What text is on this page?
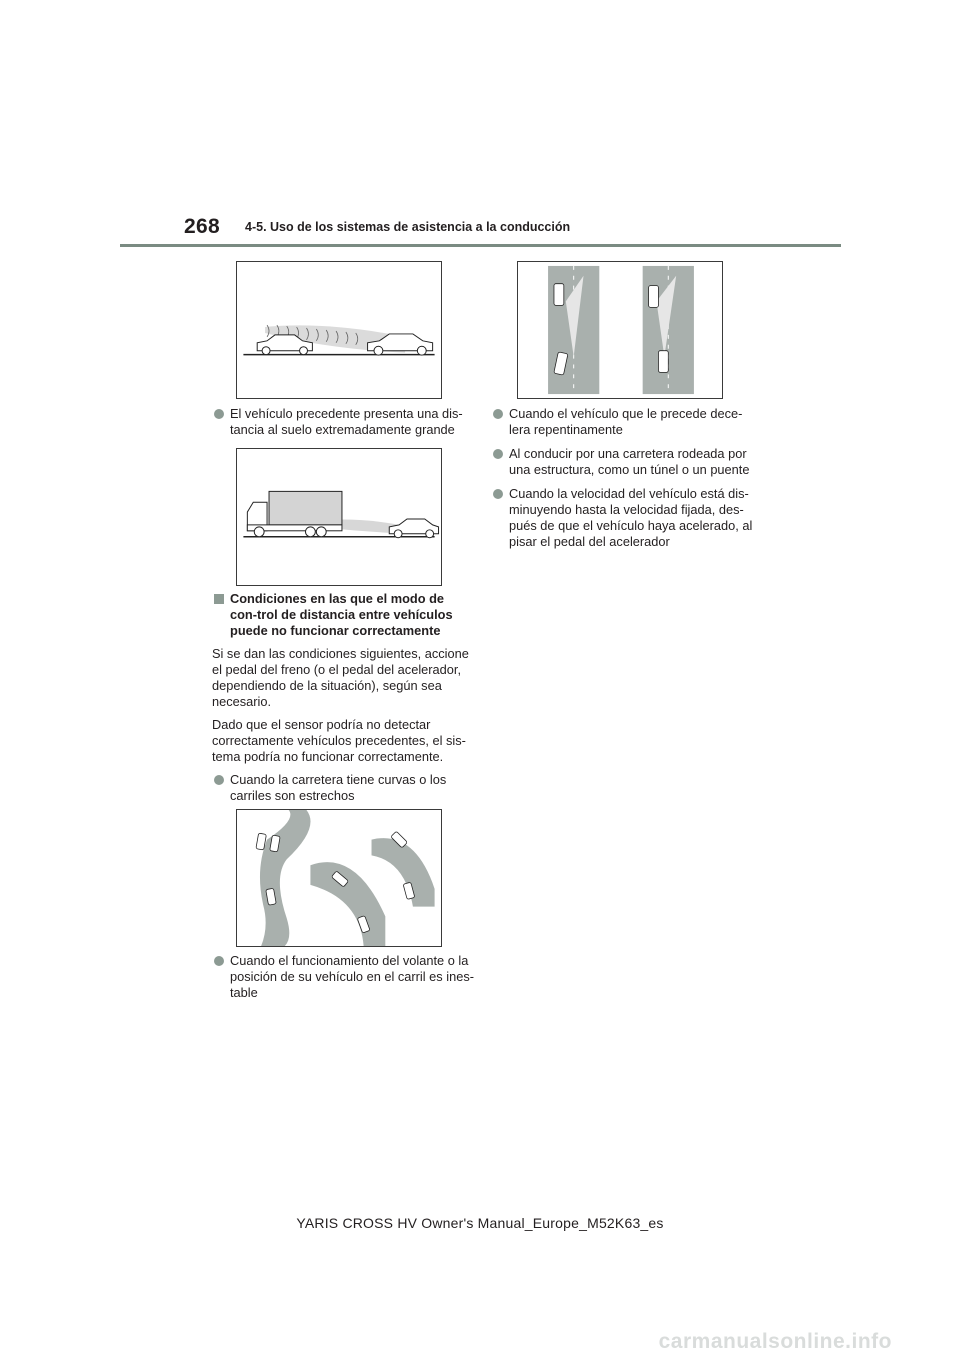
268 4-5. Uso de los sistemas de asistencia a la conducción
El vehículo precedente presenta una dis-tancia al suelo extremadamente grande
Condiciones en las que el modo de con-trol de distancia entre vehículos puede no funcionar correctamente
Si se dan las condiciones siguientes, accione el pedal del freno (o el pedal del acelerador, dependiendo de la situación), según sea necesario.
Dado que el sensor podría no detectar correctamente vehículos precedentes, el sis-tema podría no funcionar correctamente.
Cuando la carretera tiene curvas o los carriles son estrechos
Cuando el funcionamiento del volante o la posición de su vehículo en el carril es ines-table
Cuando el vehículo que le precede dece-lera repentinamente
Al conducir por una carretera rodeada por una estructura, como un túnel o un puente
Cuando la velocidad del vehículo está dis-minuyendo hasta la velocidad fijada, des-pués de que el vehículo haya acelerado, al pisar el pedal del acelerador
YARIS CROSS HV Owner's Manual_Europe_M52K63_es
carmanualsonline.info
